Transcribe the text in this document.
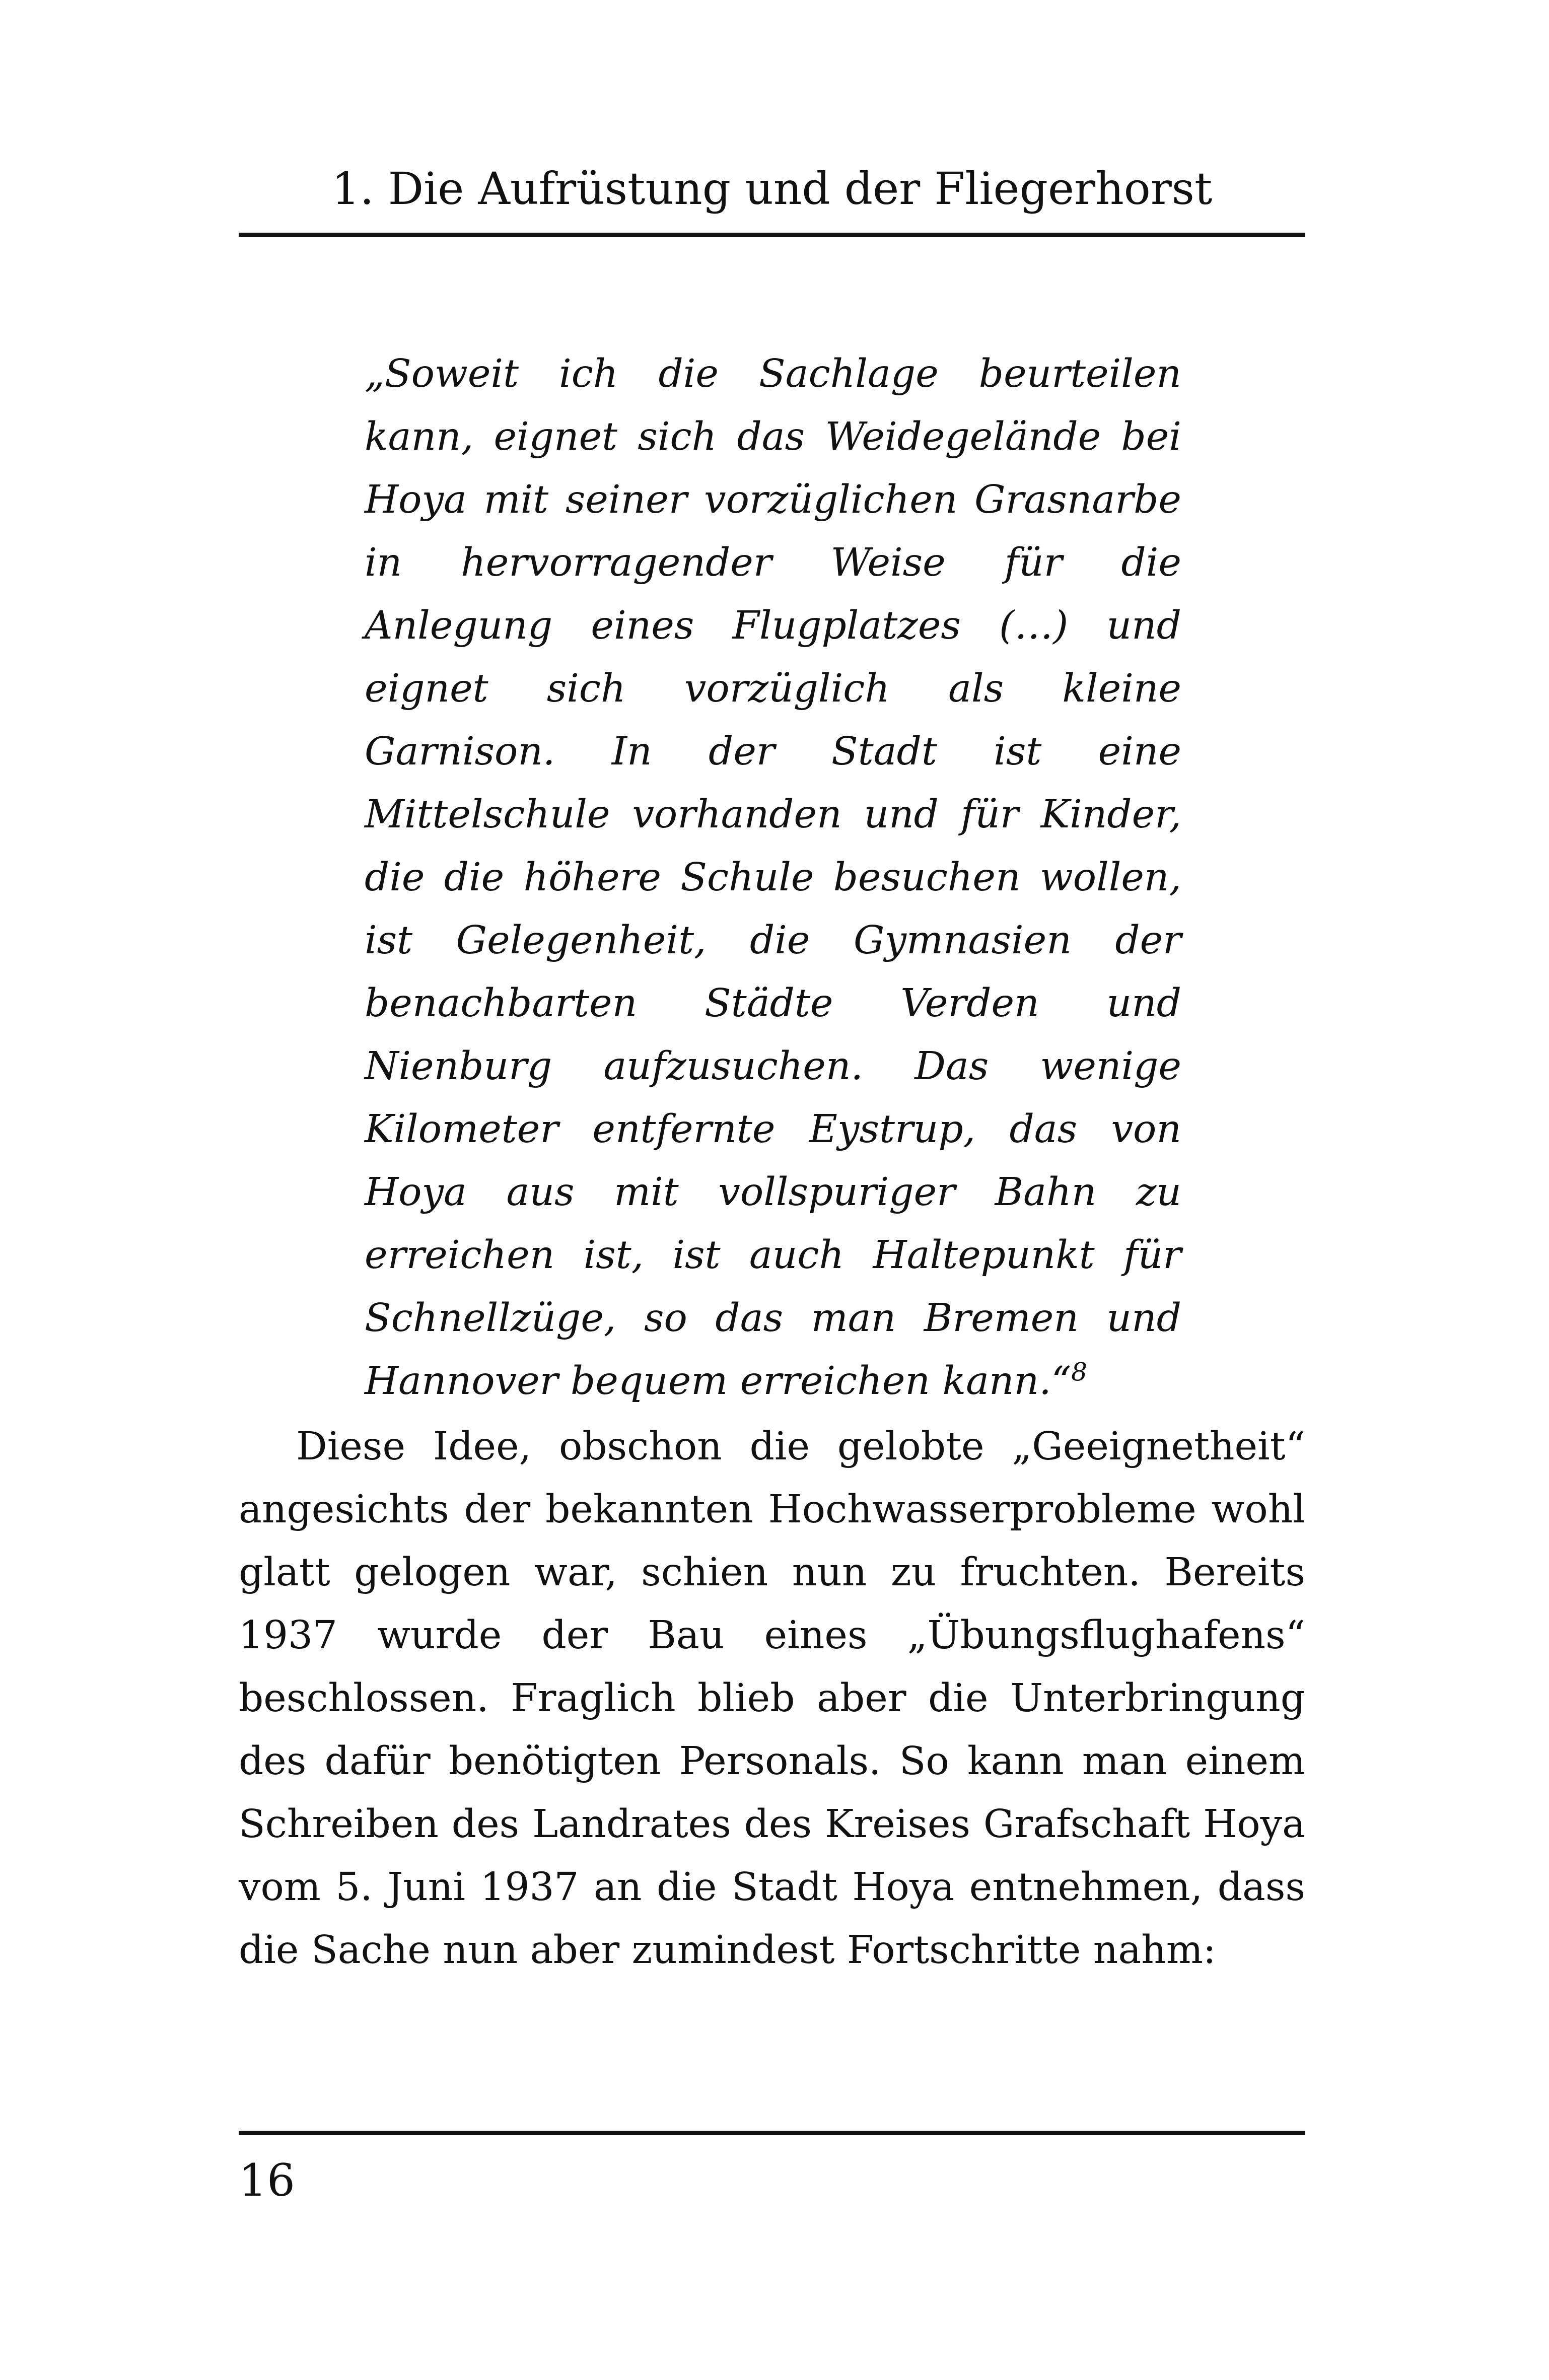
1. Die Aufrüstung und der Fliegerhorst
„Soweit ich die Sachlage beurteilen kann, eignet sich das Weidegelände bei Hoya mit seiner vorzüglichen Grasnarbe in hervorragender Weise für die Anlegung eines Flugplatzes (…) und eignet sich vorzüglich als kleine Garnison. In der Stadt ist eine Mittelschule vorhanden und für Kinder, die die höhere Schule besuchen wollen, ist Gelegenheit, die Gymnasien der benachbarten Städte Verden und Nienburg aufzusuchen. Das wenige Kilometer entfernte Eystrup, das von Hoya aus mit vollspuriger Bahn zu erreichen ist, ist auch Haltepunkt für Schnellzüge, so das man Bremen und Hannover bequem erreichen kann.“$^8$
Diese Idee, obschon die gelobte „Geeignetheit“ angesichts der bekannten Hochwasserprobleme wohl glatt gelogen war, schien nun zu fruchten. Bereits 1937 wurde der Bau eines „Übungsflughafens“ beschlossen. Fraglich blieb aber die Unterbringung des dafür benötigten Personals. So kann man einem Schreiben des Landrates des Kreises Grafschaft Hoya vom 5. Juni 1937 an die Stadt Hoya entnehmen, dass die Sache nun aber zumindest Fortschritte nahm:
16
